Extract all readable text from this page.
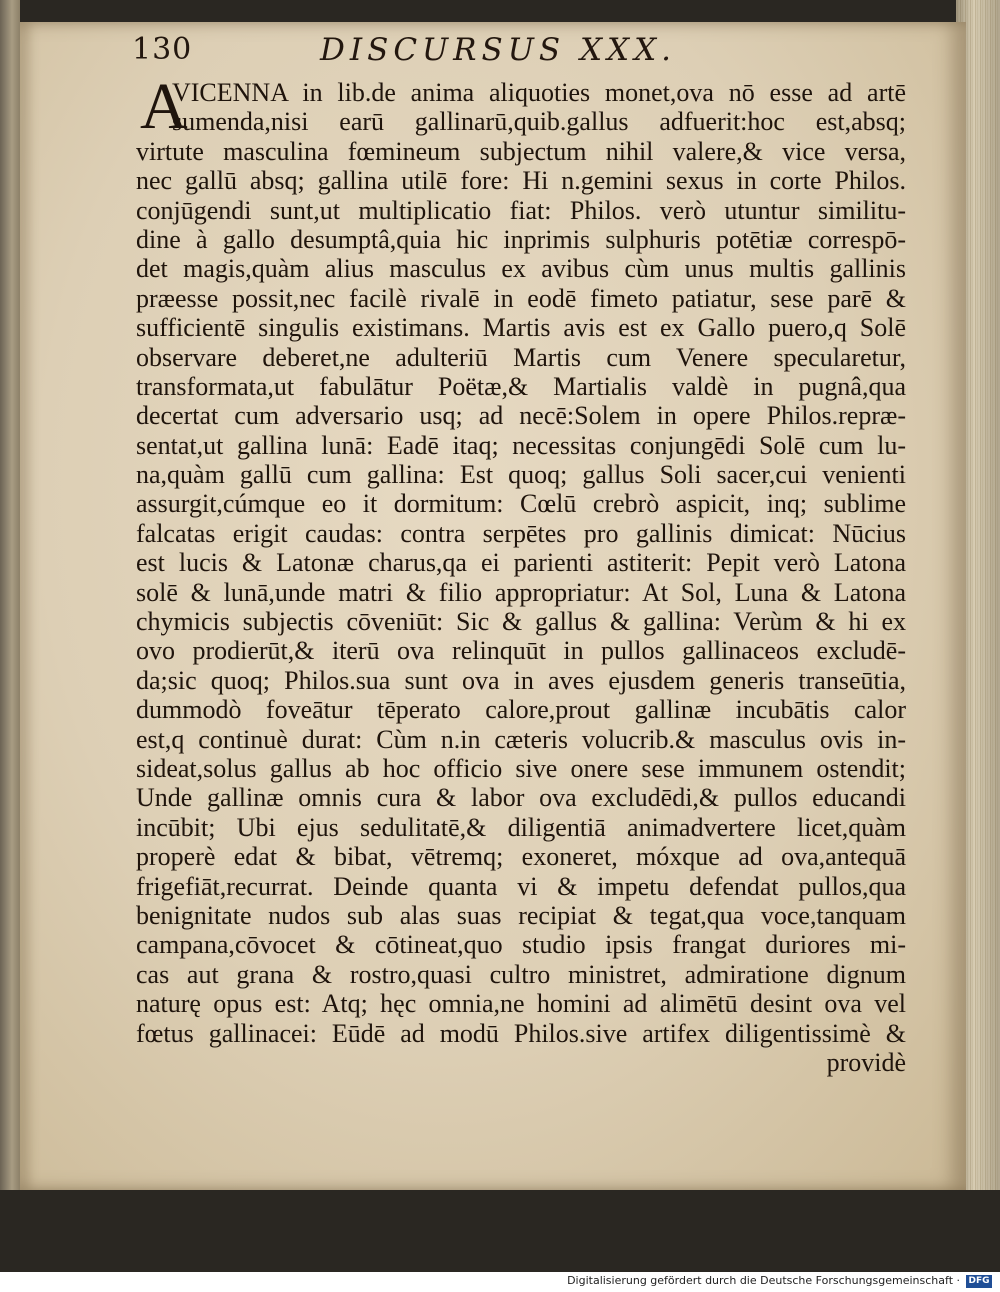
130	DISCURSUS XXX.
A
VICENNA in lib.de anima aliquoties monet,ova nō esse ad artē
sumenda,nisi earū gallinarū,quib.gallus adfuerit:hoc est,absq;
virtute masculina fœmineum subjectum nihil valere,& vice versa,
nec gallū absq; gallina utilē fore: Hi n.gemini sexus in corte Philos.
conjūgendi sunt,ut multiplicatio fiat: Philos. verò utuntur similitu-
dine à gallo desumptâ,quia hic inprimis sulphuris potētiæ correspō-
det magis,quàm alius masculus ex avibus cùm unus multis gallinis
præesse possit,nec facilè rivalē in eodē fimeto patiatur, sese parē &
sufficientē singulis existimans. Martis avis est ex Gallo puero,q Solē
observare deberet,ne adulteriū Martis cum Venere specularetur,
transformata,ut fabulātur Poëtæ,& Martialis valdè in pugnâ,qua
decertat cum adversario usq; ad necē:Solem in opere Philos.repræ-
sentat,ut gallina lunā: Eadē itaq; necessitas conjungēdi Solē cum lu-
na,quàm gallū cum gallina: Est quoq; gallus Soli sacer,cui venienti
assurgit,cúmque eo it dormitum: Cœlū crebrò aspicit, inq; sublime
falcatas erigit caudas: contra serpētes pro gallinis dimicat: Nūcius
est lucis & Latonæ charus,qa ei parienti astiterit: Pepit verò Latona
solē & lunā,unde matri & filio appropriatur: At Sol, Luna & Latona
chymicis subjectis cōveniūt: Sic & gallus & gallina: Verùm & hi ex
ovo prodierūt,& iterū ova relinquūt in pullos gallinaceos excludē-
da;sic quoq; Philos.sua sunt ova in aves ejusdem generis transeūtia,
dummodò foveātur tēperato calore,prout gallinæ incubātis calor
est,q continuè durat: Cùm n.in cæteris volucrib.& masculus ovis in-
sideat,solus gallus ab hoc officio sive onere sese immunem ostendit;
Unde gallinæ omnis cura & labor ova excludēdi,& pullos educandi
incūbit; Ubi ejus sedulitatē,& diligentiā animadvertere licet,quàm
properè edat & bibat, vētremq; exoneret, móxque ad ova,antequā
frigefiāt,recurrat. Deinde quanta vi & impetu defendat pullos,qua
benignitate nudos sub alas suas recipiat & tegat,qua voce,tanquam
campana,cōvocet & cōtineat,quo studio ipsis frangat duriores mi-
cas aut grana & rostro,quasi cultro ministret, admiratione dignum
naturę opus est: Atq; hęc omnia,ne homini ad alimētū desint ova vel
fœtus gallinacei: Eūdē ad modū Philos.sive artifex diligentissimè &
providè
Digitalisierung gefördert durch die Deutsche Forschungsgemeinschaft · DFG
